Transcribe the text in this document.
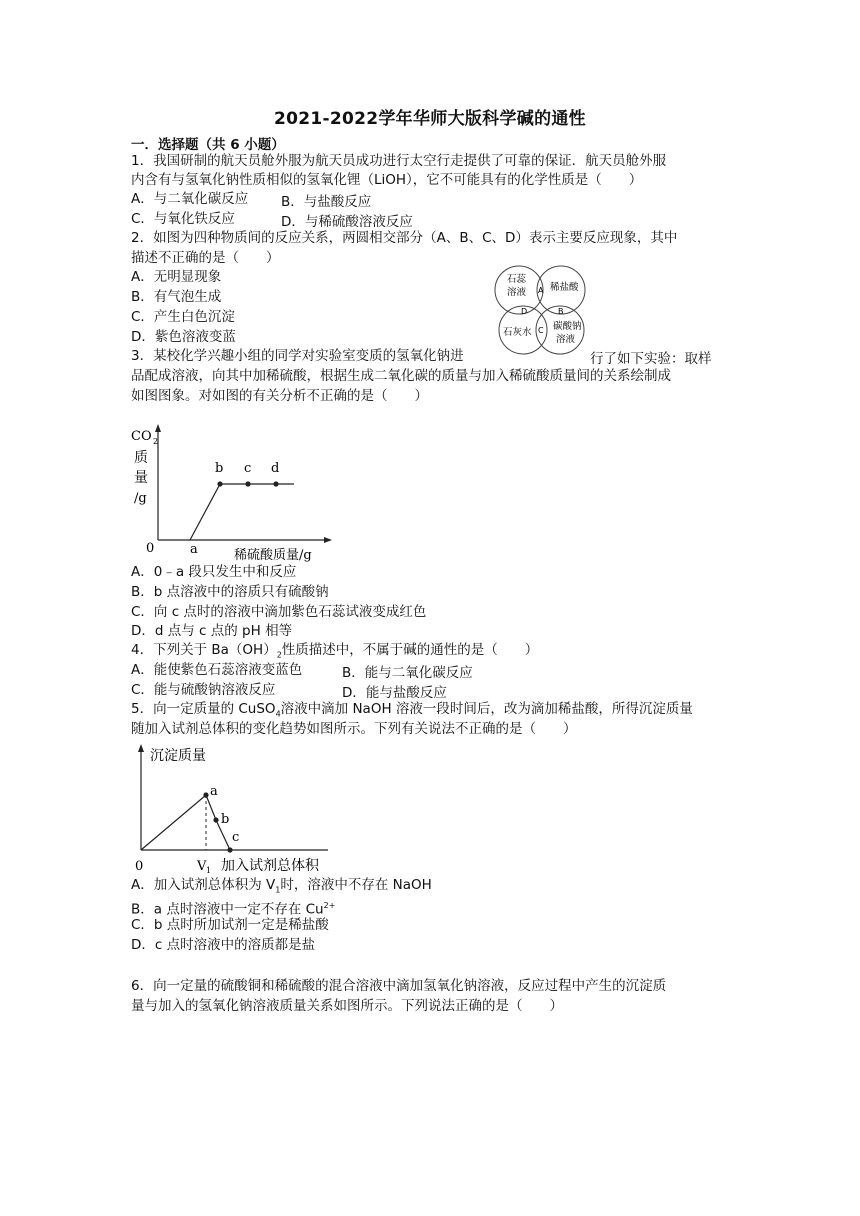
2021-2022学年华师大版科学碱的通性
一．选择题（共 6 小题）
1．我国研制的航天员舱外服为航天员成功进行太空行走提供了可靠的保证．航天员舱外服
内含有与氢氧化钠性质相似的氢氧化锂（LiOH），它不可能具有的化学性质是（　　）
A．与二氧化碳反应 B．与盐酸反应
C．与氧化铁反应	D．与稀硫酸溶液反应
2．如图为四种物质间的反应关系，两圆相交部分（A、B、C、D）表示主要反应现象，其中
描述不正确的是（　　）
A．无明显现象
B．有气泡生成
C．产生白色沉淀
D．紫色溶液变蓝
石蕊
溶液	稀盐酸
石灰水
碳酸钠
溶液
A
B
C
D
3．某校化学兴趣小组的同学对实验室变质的氢氧化钠进	行了如下实验：取样
品配成溶液，向其中加稀硫酸，根据生成二氧化碳的质量与加入稀硫酸质量间的关系绘制成
如图图象。对如图的有关分析不正确的是（　　）
CO 2
质
量
/g
0	a
b c d
稀硫酸质量/g
A．0﹣a 段只发生中和反应
B．b 点溶液中的溶质只有硫酸钠
C．向 c 点时的溶液中滴加紫色石蕊试液变成红色
D．d 点与 c 点的 pH 相等
4．下列关于 $Ba(OH)_2$性质描述中，不属于碱的通性的是（　　）
A．能使紫色石蕊溶液变蓝色	B．能与二氧化碳反应
C．能与硫酸钠溶液反应	D．能与盐酸反应
5．向一定质量的 CuSO$_4$溶液中滴加 NaOH 溶液一段时间后，改为滴加稀盐酸，所得沉淀质量
随加入试剂总体积的变化趋势如图所示。下列有关说法不正确的是（　　）
沉淀质量
0	V 1 加入试剂总体积
a
b
c
A．加入试剂总体积为 $V_1$时，溶液中不存在 NaOH
B．a 点时溶液中一定不存在 $Cu^{2+}$
C．b 点时所加试剂一定是稀盐酸
D．c 点时溶液中的溶质都是盐
6．向一定量的硫酸铜和稀硫酸的混合溶液中滴加氢氧化钠溶液，反应过程中产生的沉淀质
量与加入的氢氧化钠溶液质量关系如图所示。下列说法正确的是（　　）
